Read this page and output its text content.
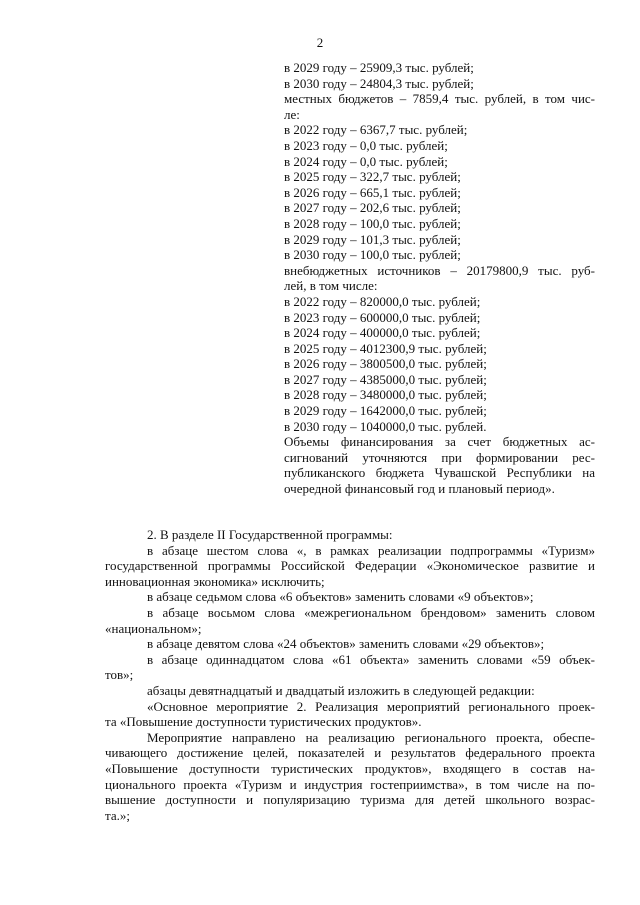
2
в 2029 году – 25909,3 тыс. рублей;
в 2030 году – 24804,3 тыс. рублей;
местных бюджетов – 7859,4 тыс. рублей, в том чис-
ле:
в 2022 году – 6367,7 тыс. рублей;
в 2023 году – 0,0 тыс. рублей;
в 2024 году – 0,0 тыс. рублей;
в 2025 году – 322,7 тыс. рублей;
в 2026 году – 665,1 тыс. рублей;
в 2027 году – 202,6 тыс. рублей;
в 2028 году – 100,0 тыс. рублей;
в 2029 году – 101,3 тыс. рублей;
в 2030 году – 100,0 тыс. рублей;
внебюджетных источников – 20179800,9 тыс. руб-
лей, в том числе:
в 2022 году – 820000,0 тыс. рублей;
в 2023 году – 600000,0 тыс. рублей;
в 2024 году – 400000,0 тыс. рублей;
в 2025 году – 4012300,9 тыс. рублей;
в 2026 году – 3800500,0 тыс. рублей;
в 2027 году – 4385000,0 тыс. рублей;
в 2028 году – 3480000,0 тыс. рублей;
в 2029 году – 1642000,0 тыс. рублей;
в 2030 году – 1040000,0 тыс. рублей.
Объемы финансирования за счет бюджетных ас-
сигнований уточняются при формировании рес-
публиканского бюджета Чувашской Республики на
очередной финансовый год и плановый период».
2. В разделе II Государственной программы:
в абзаце шестом слова «, в рамках реализации подпрограммы «Туризм»
государственной программы Российской Федерации «Экономическое развитие и
инновационная экономика» исключить;
в абзаце седьмом слова «6 объектов» заменить словами «9 объектов»;
в абзаце восьмом слова «межрегиональном брендовом» заменить словом
«национальном»;
в абзаце девятом слова «24 объектов» заменить словами «29 объектов»;
в абзаце одиннадцатом слова «61 объекта» заменить словами «59 объек-
тов»;
абзацы девятнадцатый и двадцатый изложить в следующей редакции:
«Основное мероприятие 2. Реализация мероприятий регионального проек-
та «Повышение доступности туристических продуктов».
Мероприятие направлено на реализацию регионального проекта, обеспе-
чивающего достижение целей, показателей и результатов федерального проекта
«Повышение доступности туристических продуктов», входящего в состав на-
ционального проекта «Туризм и индустрия гостеприимства», в том числе на по-
вышение доступности и популяризацию туризма для детей школьного возрас-
та.»;
